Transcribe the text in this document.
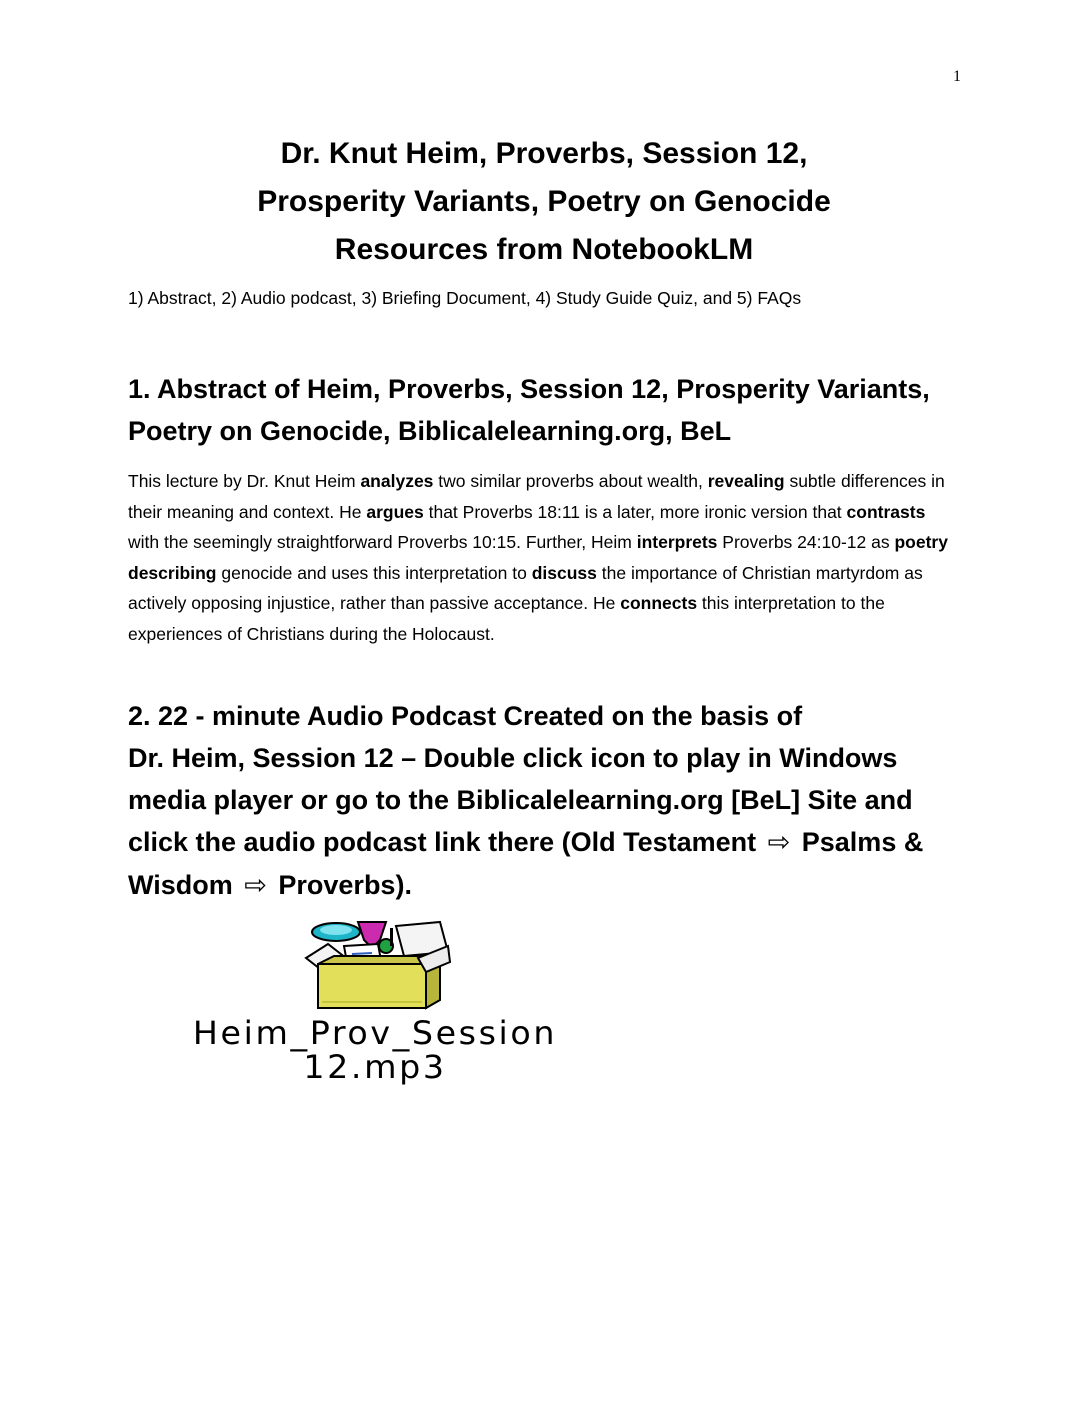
1
Dr. Knut Heim, Proverbs, Session 12,
Prosperity Variants, Poetry on Genocide
Resources from NotebookLM
1) Abstract, 2) Audio podcast, 3) Briefing Document, 4) Study Guide Quiz, and 5) FAQs
1. Abstract of Heim, Proverbs, Session 12, Prosperity Variants, Poetry on Genocide, Biblicalelearning.org, BeL

This lecture by Dr. Knut Heim analyzes two similar proverbs about wealth, revealing subtle differences in their meaning and context. He argues that Proverbs 18:11 is a later, more ironic version that contrasts with the seemingly straightforward Proverbs 10:15. Further, Heim interprets Proverbs 24:10-12 as poetry describing genocide and uses this interpretation to discuss the importance of Christian martyrdom as actively opposing injustice, rather than passive acceptance. He connects this interpretation to the experiences of Christians during the Holocaust.

2. 22 - minute Audio Podcast Created on the basis of
Dr. Heim, Session 12 – Double click icon to play in Windows media player or go to the Biblicalelearning.org [BeL] Site and click the audio podcast link there (Old Testament ⇨ Psalms & Wisdom ⇨ Proverbs).
Heim_Prov_Session
12.mp3
